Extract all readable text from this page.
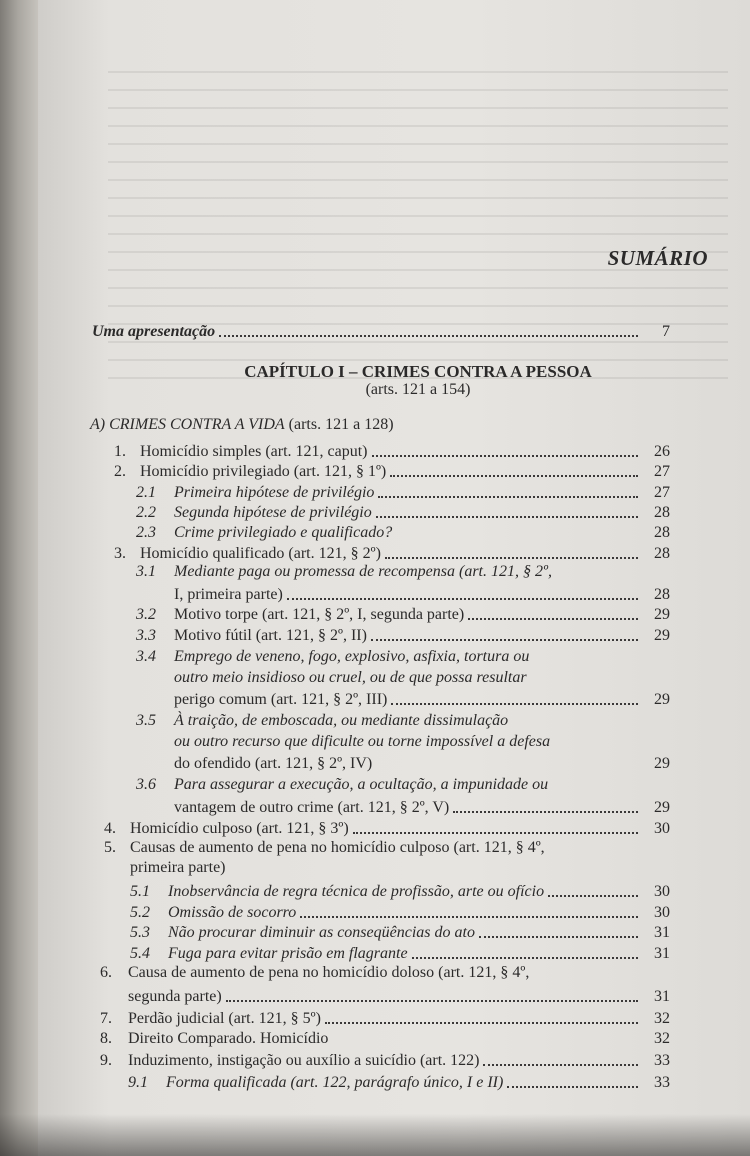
SUMÁRIO
Uma apresentação	7
CAPÍTULO I – CRIMES CONTRA A PESSOA
(arts. 121 a 154)
A) CRIMES CONTRA A VIDA (arts. 121 a 128)
1. Homicídio simples (art. 121, caput)	26
2. Homicídio privilegiado (art. 121, § 1º)	27
2.1	Primeira hipótese de privilégio	27
2.2	Segunda hipótese de privilégio	28
2.3	Crime privilegiado e qualificado?	28
3. Homicídio qualificado (art. 121, § 2º)	28
3.1 Mediante paga ou promessa de recompensa (art. 121, § 2º,
I, primeira parte)	28
3.2	Motivo torpe (art. 121, § 2º, I, segunda parte)	29
3.3	Motivo fútil (art. 121, § 2º, II)	29
3.4 Emprego de veneno, fogo, explosivo, asfixia, tortura ou
outro meio insidioso ou cruel, ou de que possa resultar
perigo comum (art. 121, § 2º, III)	29
3.5 À traição, de emboscada, ou mediante dissimulação
ou outro recurso que dificulte ou torne impossível a defesa
do ofendido (art. 121, § 2º, IV)	29
3.6 Para assegurar a execução, a ocultação, a impunidade ou
vantagem de outro crime (art. 121, § 2º, V)	29
4. Homicídio culposo (art. 121, § 3º)	30
5. Causas de aumento de pena no homicídio culposo (art. 121, § 4º,
primeira parte)
5.1	Inobservância de regra técnica de profissão, arte ou ofício	30
5.2	Omissão de socorro	30
5.3	Não procurar diminuir as conseqüências do ato	31
5.4	Fuga para evitar prisão em flagrante	31
6. Causa de aumento de pena no homicídio doloso (art. 121, § 4º,
segunda parte)	31
7.	Perdão judicial (art. 121, § 5º)	32
8.	Direito Comparado. Homicídio	32
9.	Induzimento, instigação ou auxílio a suicídio (art. 122)	33
9.1	Forma qualificada (art. 122, parágrafo único, I e II)	33
